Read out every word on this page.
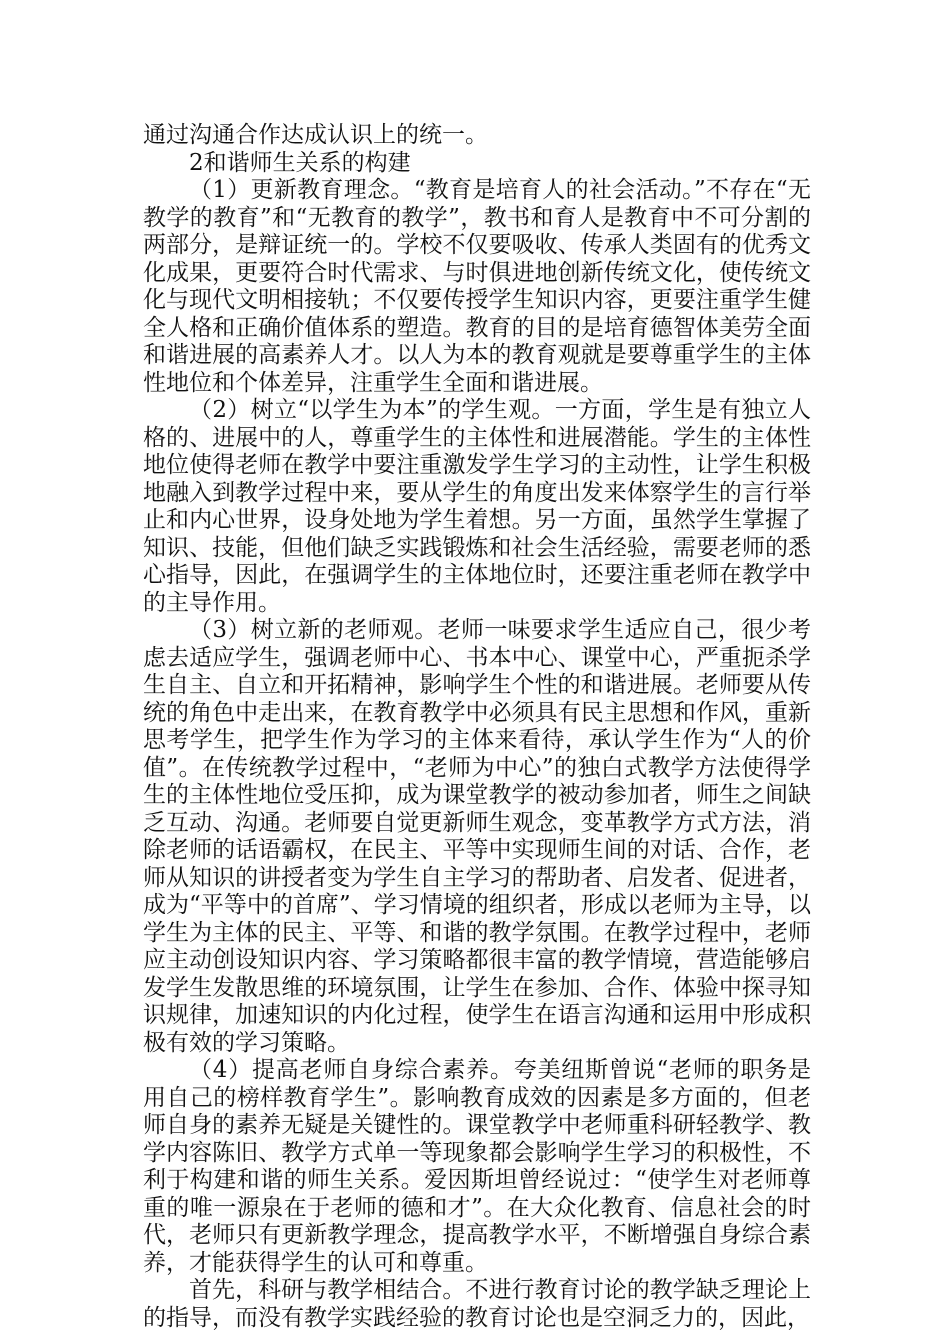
通过沟通合作达成认识上的统一。

2和谐师生关系的构建

（1）更新教育理念。“教育是培育人的社会活动。”不存在“无教学的教育”和“无教育的教学”，教书和育人是教育中不可分割的两部分，是辩证统一的。学校不仅要吸收、传承人类固有的优秀文化成果，更要符合时代需求、与时俱进地创新传统文化，使传统文化与现代文明相接轨；不仅要传授学生知识内容，更要注重学生健全人格和正确价值体系的塑造。教育的目的是培育德智体美劳全面和谐进展的高素养人才。以人为本的教育观就是要尊重学生的主体性地位和个体差异，注重学生全面和谐进展。

（2）树立“以学生为本”的学生观。一方面，学生是有独立人格的、进展中的人，尊重学生的主体性和进展潜能。学生的主体性地位使得老师在教学中要注重激发学生学习的主动性，让学生积极地融入到教学过程中来，要从学生的角度出发来体察学生的言行举止和内心世界，设身处地为学生着想。另一方面，虽然学生掌握了知识、技能，但他们缺乏实践锻炼和社会生活经验，需要老师的悉心指导，因此，在强调学生的主体地位时，还要注重老师在教学中的主导作用。

（3）树立新的老师观。老师一味要求学生适应自己，很少考虑去适应学生，强调老师中心、书本中心、课堂中心，严重扼杀学生自主、自立和开拓精神，影响学生个性的和谐进展。老师要从传统的角色中走出来，在教育教学中必须具有民主思想和作风，重新思考学生，把学生作为学习的主体来看待，承认学生作为“人的价值”。在传统教学过程中，“老师为中心”的独白式教学方法使得学生的主体性地位受压抑，成为课堂教学的被动参加者，师生之间缺乏互动、沟通。老师要自觉更新师生观念，变革教学方式方法，消除老师的话语霸权，在民主、平等中实现师生间的对话、合作，老师从知识的讲授者变为学生自主学习的帮助者、启发者、促进者，成为“平等中的首席”、学习情境的组织者，形成以老师为主导，以学生为主体的民主、平等、和谐的教学氛围。在教学过程中，老师应主动创设知识内容、学习策略都很丰富的教学情境，营造能够启发学生发散思维的环境氛围，让学生在参加、合作、体验中探寻知识规律，加速知识的内化过程，使学生在语言沟通和运用中形成积极有效的学习策略。

（4）提高老师自身综合素养。夸美纽斯曾说“老师的职务是用自己的榜样教育学生”。影响教育成效的因素是多方面的，但老师自身的素养无疑是关键性的。课堂教学中老师重科研轻教学、教学内容陈旧、教学方式单一等现象都会影响学生学习的积极性，不利于构建和谐的师生关系。爱因斯坦曾经说过：“使学生对老师尊重的唯一源泉在于老师的德和才”。在大众化教育、信息社会的时代，老师只有更新教学理念，提高教学水平，不断增强自身综合素养，才能获得学生的认可和尊重。

首先，科研与教学相结合。不进行教育讨论的教学缺乏理论上的指导，而没有教学实践经验的教育讨论也是空洞乏力的，因此，
